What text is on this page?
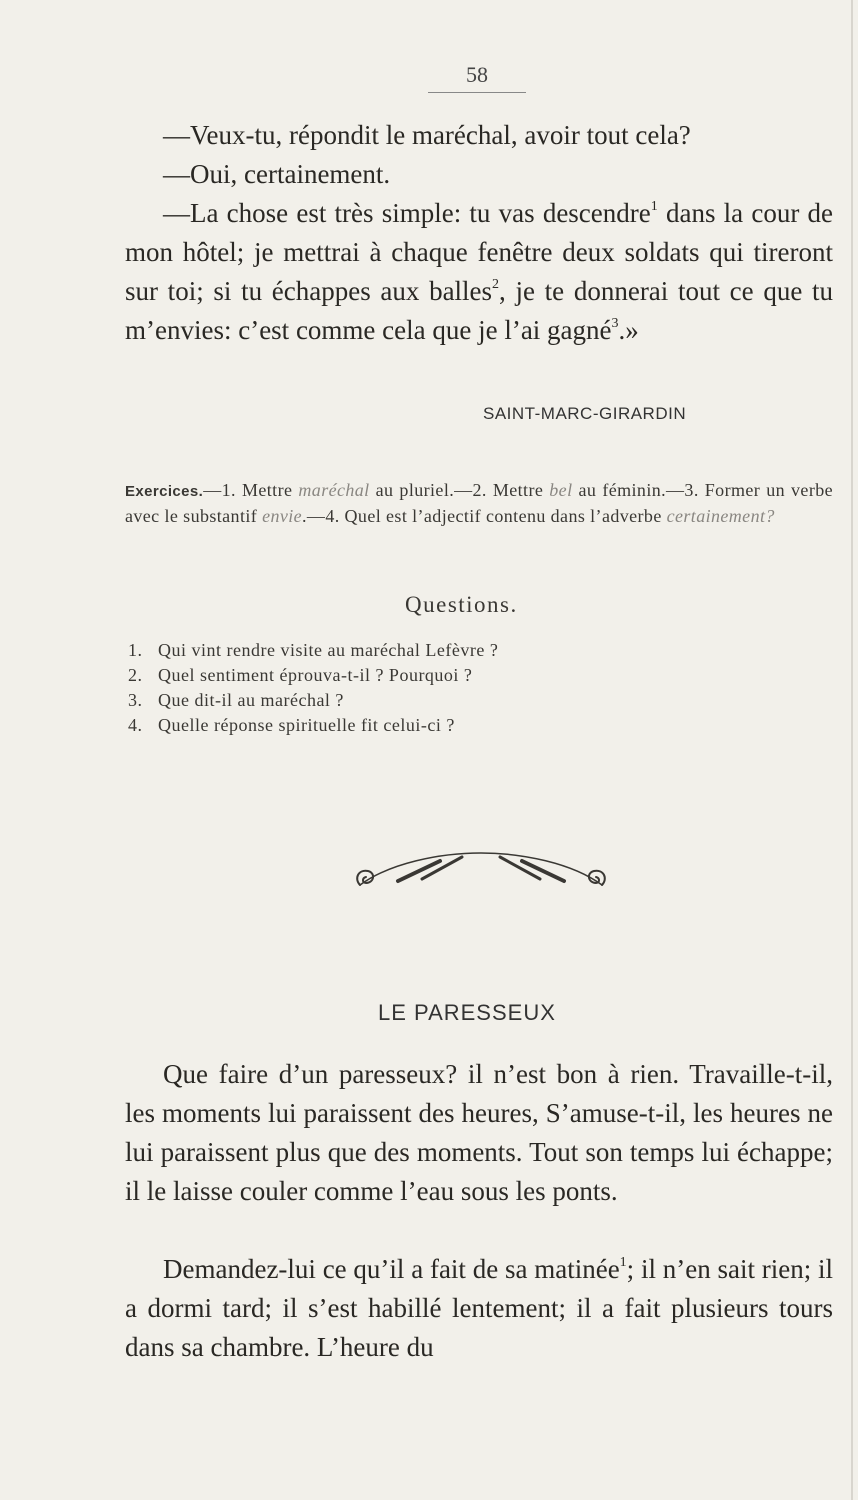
58
—Veux-tu, répondit le maréchal, avoir tout cela?
—Oui, certainement.
—La chose est très simple: tu vas descendre$^1$ dans la cour de mon hôtel; je mettrai à chaque fenêtre deux soldats qui tireront sur toi; si tu échappes aux balles$^2$, je te donnerai tout ce que tu m’envies: c’est comme cela que je l’ai gagné$^3$.»
SAINT-MARC-GIRARDIN
Exercices.—1. Mettre maréchal au pluriel.—2. Mettre bel au féminin.—3. Former un verbe avec le substantif envie.—4. Quel est l’adjectif contenu dans l’adverbe certainement?
Questions.
1. Qui vint rendre visite au maréchal Lefèvre ?
2. Quel sentiment éprouva-t-il ? Pourquoi ?
3. Que dit-il au maréchal ?
4. Quelle réponse spirituelle fit celui-ci ?
LE PARESSEUX
Que faire d’un paresseux? il n’est bon à rien. Travaille-t-il, les moments lui paraissent des heures, S’amuse-t-il, les heures ne lui paraissent plus que des moments. Tout son temps lui échappe; il le laisse couler comme l’eau sous les ponts.
Demandez-lui ce qu’il a fait de sa matinée$^1$; il n’en sait rien; il a dormi tard; il s’est habillé lentement; il a fait plusieurs tours dans sa chambre. L’heure du
